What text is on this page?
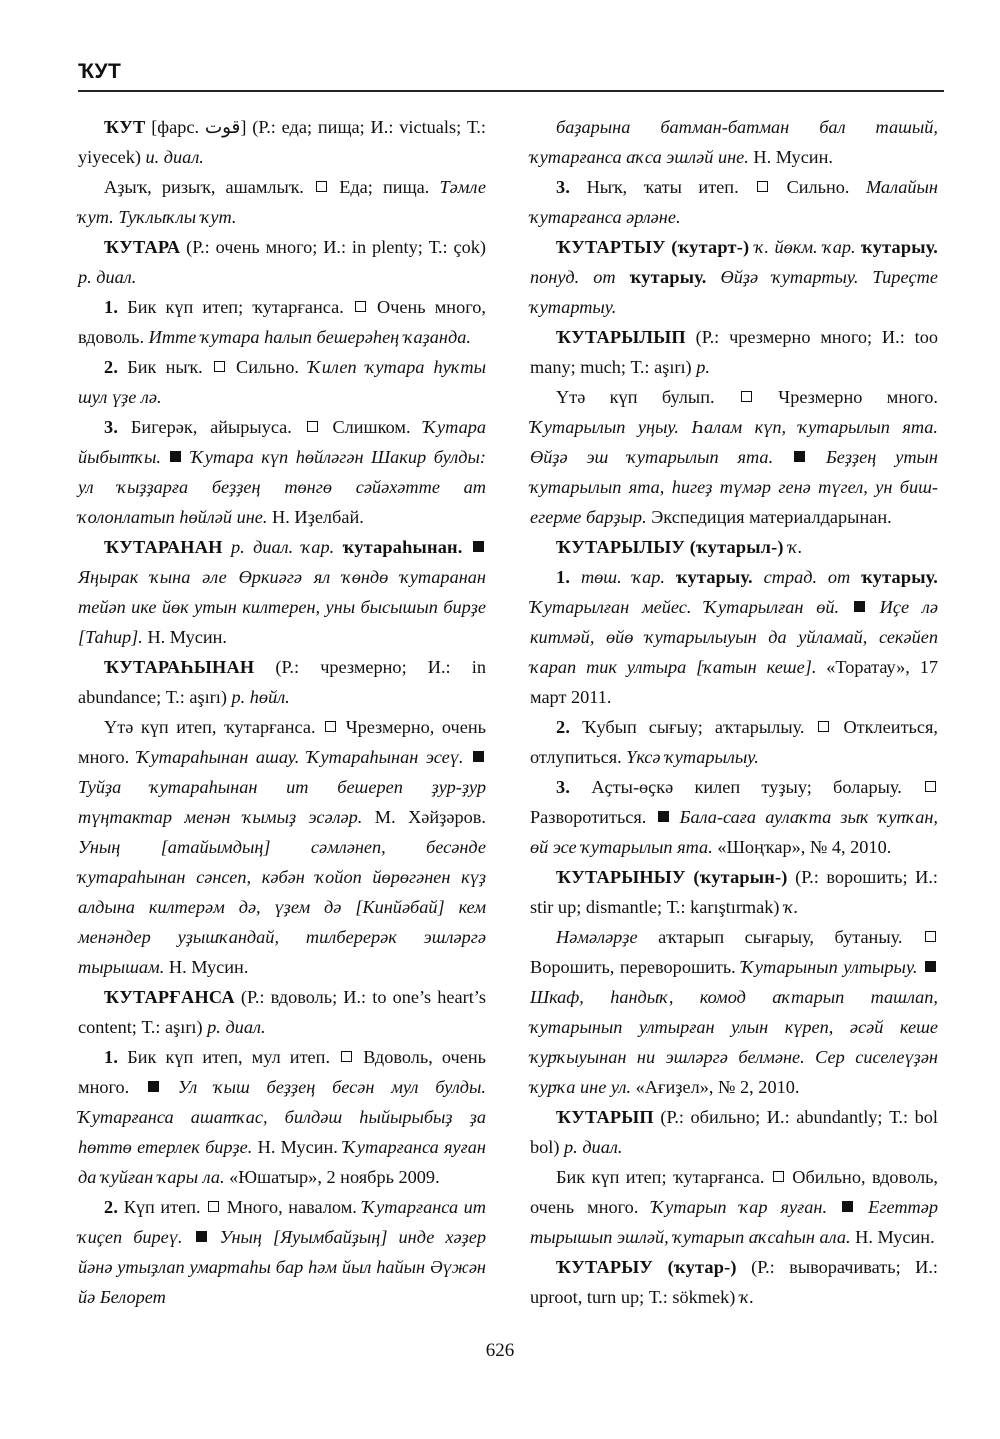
ҠУТ

ҠУТ [фарс. ﻗﻮﺕ] (Р.: еда; пища; И.: victuals; Т.: yiyecek) и. диал.

Аҙыҡ, ризыҡ, ашамлыҡ.  Еда; пища. Тәмле ҡут. Туҡлыҡлы ҡут.

ҠУТАРА (Р.: очень много; И.: in plenty; Т.: çok) р. диал.

1. Бик күп итеп; ҡутарғанса.  Очень много, вдоволь. Итте ҡутара һалып бешерәһең ҡаҙанда.

2. Бик ныҡ.  Сильно. Ҡилеп ҡутара һуҡты шул үҙе лә.

3. Бигерәк, айырыуса.  Слишком. Ҡутара йыбытҡы. Ҡутара күп һөйләгән Шакир булды: ул ҡыҙҙарға беҙҙең төнгө сәйәхәтте ат ҡолонлатып һөйләй ине. Н. Иҙелбай.

ҠУТАРАНАН р. диал. ҡар. ҡутараһынан.  Яңырак ҡына әле Өркиәгә ял ҡөндө ҡутаранан тейәп ике йөк утын килтерен, уны бысышып бирҙе [Таһир]. Н. Мусин.

ҠУТАРАҺЫНАН (Р.: чрезмерно; И.: in abundance; Т.: aşırı) р. һөйл.

Үтә күп итеп, ҡутарғанса.  Чрезмерно, очень много. Ҡутараһынан ашау. Ҡутараһынан эсеү.  Туйҙа ҡутараһынан ит бешереп ҙур-ҙур түңтактар менән ҡымыҙ эсәләр. М. Хәйҙәров. Уның [атайымдың] сәмләнеп, бесәнде ҡутараһынан сәнсеп, кәбән ҡойоп йөрөгәнен күҙ алдына килтерәм дә, үҙем дә [Кинйәбай] кем менәндер уҙышҡандай, тилберерәк эшләргә тырышам. Н. Мусин.

ҠУТАРҒАНСА (Р.: вдоволь; И.: to one’s heart’s content; Т.: aşırı) р. диал.

1. Бик күп итеп, мул итеп.  Вдоволь, очень много.  Ул ҡыш беҙҙең бесән мул булды. Ҡутарғанса ашатҡас, билдәш һыйырыбыҙ ҙа һөттө етерлек бирҙе. Н. Мусин. Ҡутарғанса яуған да ҡуйған ҡары ла. «Юшатыр», 2 ноябрь 2009.

2. Күп итеп.  Много, навалом. Ҡутарғанса ит ҡиҫеп биреү. Уның [Яуымбайҙың] инде хәҙер йәнә утыҙлап умартаһы бар һәм йыл һайын Әүжән йә Белорет

баҙарына батман-батман бал ташый, ҡутарғанса аҡса эшләй ине. Н. Мусин.

3. Ныҡ, ҡаты итеп.  Сильно. Малайын ҡутарғанса әрләне.

ҠУТАРТЫУ (ҡутарт-) ҡ. йөкм. ҡар. ҡутарыу. понуд. от ҡутарыу. Өйҙә ҡутартыу. Тиреҫте ҡутартыу.

ҠУТАРЫЛЫП (Р.: чрезмерно много; И.: too many; much; Т.: aşırı) р.

Үтә күп булып.  Чрезмерно много. Ҡутарылып уңыу. Һалам күп, ҡутарылып ята. Өйҙә эш ҡутарылып ята.	Беҙҙең утын ҡутарылып ята, һигеҙ түмәр генә түгел, ун биш-егерме барҙыр. Экспедиция материалдарынан.

ҠУТАРЫЛЫУ (ҡутарыл-) ҡ.

1. төш. ҡар. ҡутарыу. страд. от ҡутарыу. Ҡутарылған мейес. Ҡутарылған өй. Иҫе лә китмәй, өйө ҡутарылыуын да уйламай, секәйеп ҡарап тик ултыра [ҡатын кеше]. «Торатау», 17 март 2011.

2. Ҡубып сығыу; аҡтарылыу.  Отклеиться, отлупиться. Үксә ҡутарылыу.

3. Аҫты-өҫкә килеп туҙыу; боларыу.  Разворотиться.  Бала-саға аулаҡта зыҡ ҡупҡан, өй эсе ҡутарылып ята. «Шоңҡар», № 4, 2010.

ҠУТАРЫНЫУ (ҡутарын-) (Р.: ворошить; И.: stir up; dismantle; Т.: karıştırmak) ҡ.

Нәмәләрҙе аҡтарып сығарыу, бутаныу.  Ворошить, переворошить. Ҡутарынып ултырыу.  Шкаф, һандыҡ, комод аҡтарып ташлап, ҡутарынып ултырған улын күреп, әсәй кеше ҡурҡыуынан ни эшләргә белмәне. Сер сиселеүҙән ҡурҡа ине ул. «Ағиҙел», № 2, 2010.

ҠУТАРЫП (Р.: обильно; И.: abundantly; Т.: bol bol) р. диал.

Бик күп итеп; ҡутарғанса.  Обильно, вдоволь, очень много. Ҡутарып ҡар яуған. Егеттәр тырышып эшләй, ҡутарып аҡсаһын ала. Н. Мусин.

ҠУТАРЫУ (ҡутар-) (Р.: выворачивать; И.: uproot, turn up; Т.: sökmek) ҡ.

626
